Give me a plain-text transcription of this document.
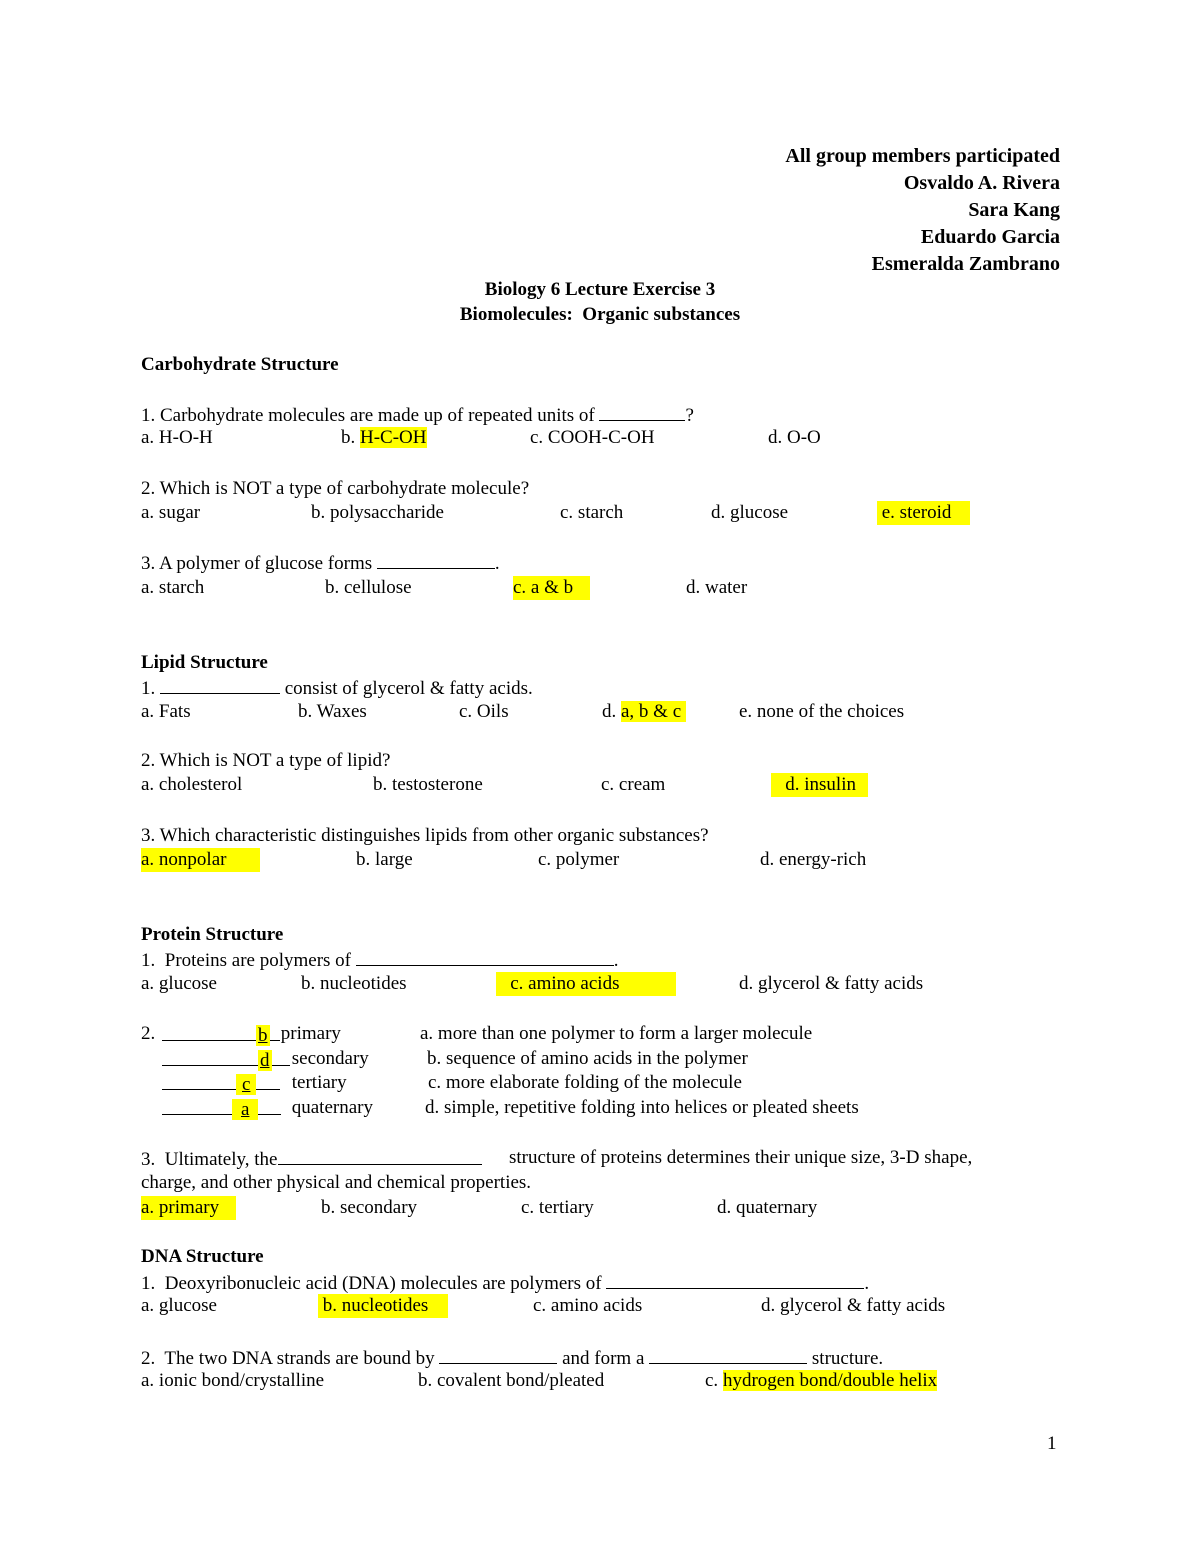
All group members participated
Osvaldo A. Rivera
Sara Kang
Eduardo Garcia
Esmeralda Zambrano
Biology 6 Lecture Exercise 3
Biomolecules:  Organic substances
Carbohydrate Structure
1. Carbohydrate molecules are made up of repeated units of	?
a. H-O-H	b. H-C-OH	c. COOH-C-OH	d. O-O
2. Which is NOT a type of carbohydrate molecule?
a. sugar	b. polysaccharide	c. starch	d. glucose	e. steroid
3. A polymer of glucose forms	.
a. starch	b. cellulose	c. a & b	d. water
Lipid Structure
1.	consist of glycerol & fatty acids.
a. Fats	b. Waxes	c. Oils	d. a, b & c	e. none of the choices
2. Which is NOT a type of lipid?
a. cholesterol	b. testosterone	c. cream	d. insulin
3. Which characteristic distinguishes lipids from other organic substances?
a. nonpolar	b. large	c. polymer	d. energy-rich
Protein Structure
1.  Proteins are polymers of	.
a. glucose	b. nucleotides	c. amino acids	d. glycerol & fatty acids
2.	b primary	a. more than one polymer to form a larger molecule
d secondary	b. sequence of amino acids in the polymer
c	tertiary	c. more elaborate folding of the molecule
a	quaternary	d. simple, repetitive folding into helices or pleated sheets
3.  Ultimately, the	structure of proteins determines their unique size, 3-D shape,
charge, and other physical and chemical properties.
a. primary	b. secondary	c. tertiary	d. quaternary
DNA Structure
1.  Deoxyribonucleic acid (DNA) molecules are polymers of	.
a. glucose	b. nucleotides	c. amino acids	d. glycerol & fatty acids
2.  The two DNA strands are bound by	and form a	structure.
a. ionic bond/crystalline	b. covalent bond/pleated	c. hydrogen bond/double helix
1
